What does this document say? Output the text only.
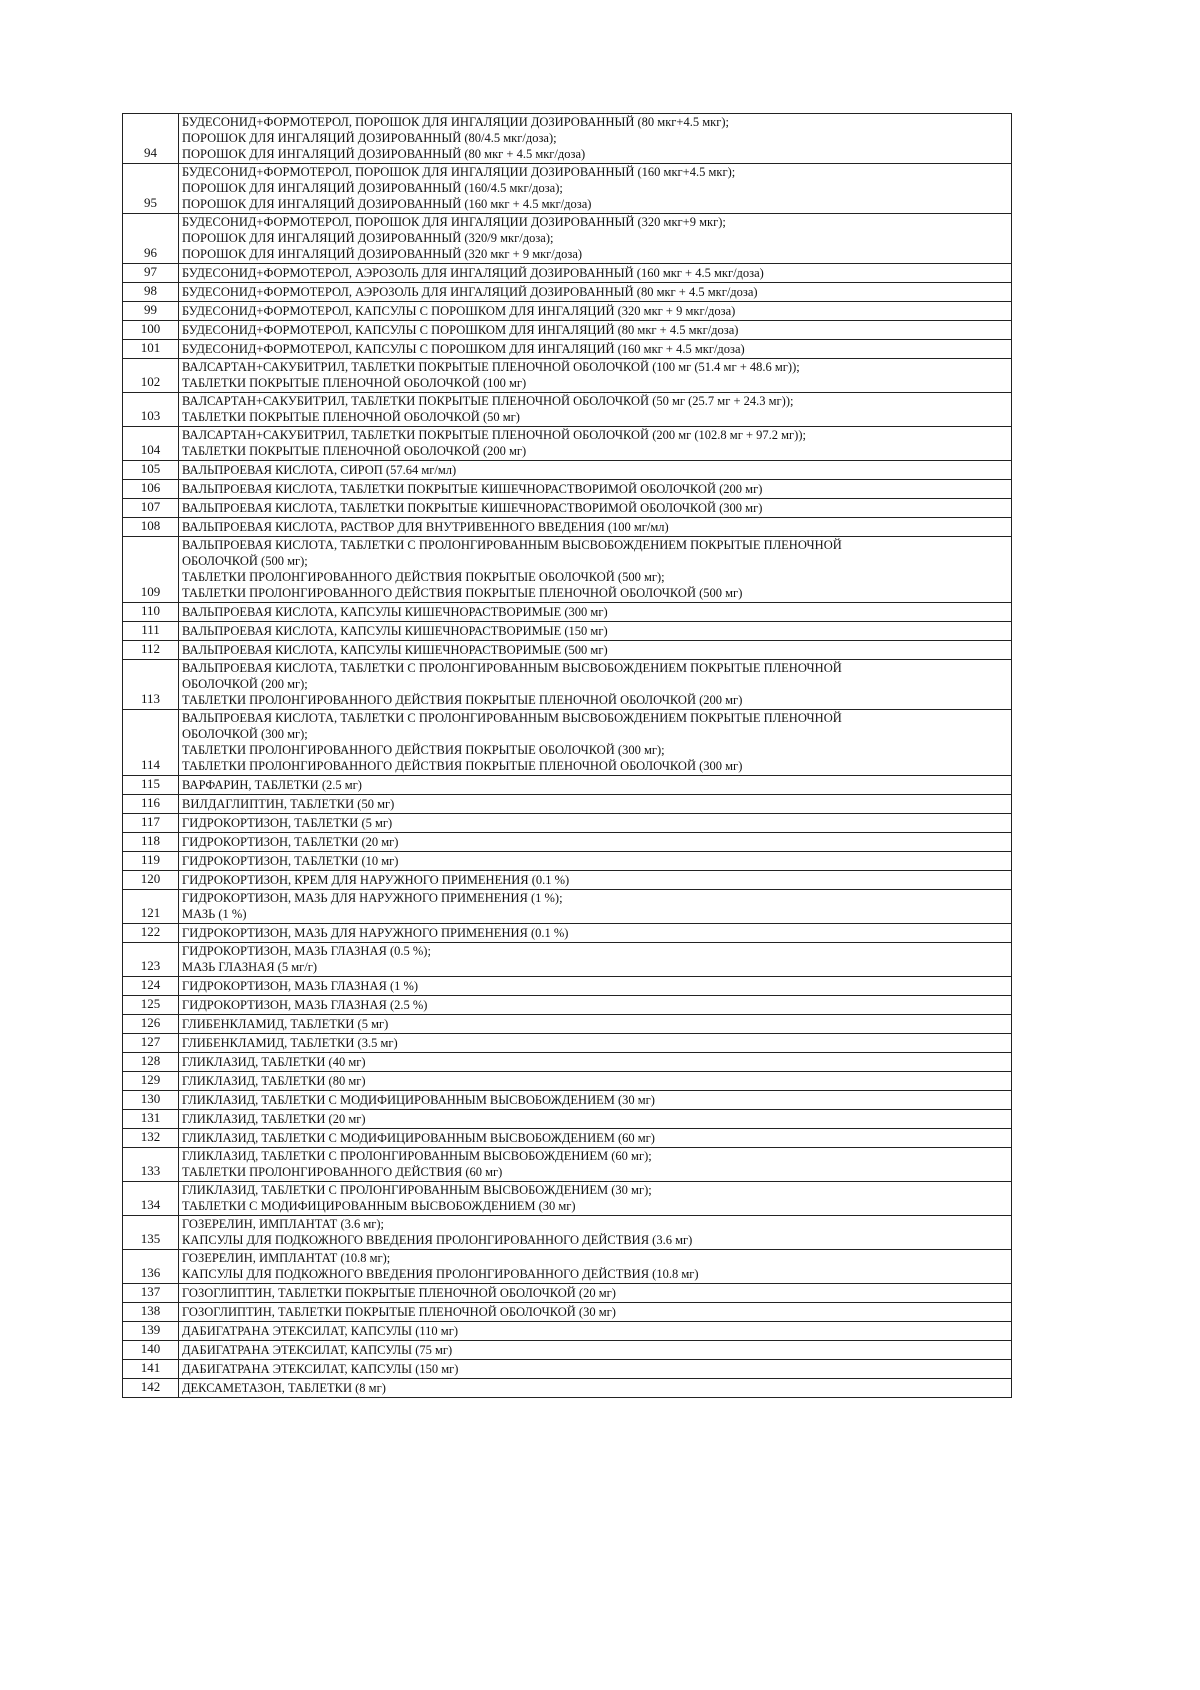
94	БУДЕСОНИД+ФОРМОТЕРОЛ, ПОРОШОК ДЛЯ ИНГАЛЯЦИИ ДОЗИРОВАННЫЙ (80 мкг+4.5 мкг);
ПОРОШОК ДЛЯ ИНГАЛЯЦИЙ ДОЗИРОВАННЫЙ (80/4.5 мкг/доза);
ПОРОШОК ДЛЯ ИНГАЛЯЦИЙ ДОЗИРОВАННЫЙ (80 мкг + 4.5 мкг/доза)

95	БУДЕСОНИД+ФОРМОТЕРОЛ, ПОРОШОК ДЛЯ ИНГАЛЯЦИИ ДОЗИРОВАННЫЙ (160 мкг+4.5 мкг);
ПОРОШОК ДЛЯ ИНГАЛЯЦИЙ ДОЗИРОВАННЫЙ (160/4.5 мкг/доза);
ПОРОШОК ДЛЯ ИНГАЛЯЦИЙ ДОЗИРОВАННЫЙ (160 мкг + 4.5 мкг/доза)

96	БУДЕСОНИД+ФОРМОТЕРОЛ, ПОРОШОК ДЛЯ ИНГАЛЯЦИИ ДОЗИРОВАННЫЙ (320 мкг+9 мкг);
ПОРОШОК ДЛЯ ИНГАЛЯЦИЙ ДОЗИРОВАННЫЙ (320/9 мкг/доза);
ПОРОШОК ДЛЯ ИНГАЛЯЦИЙ ДОЗИРОВАННЫЙ (320 мкг + 9 мкг/доза)

97	БУДЕСОНИД+ФОРМОТЕРОЛ, АЭРОЗОЛЬ ДЛЯ ИНГАЛЯЦИЙ ДОЗИРОВАННЫЙ (160 мкг + 4.5 мкг/доза)

98	БУДЕСОНИД+ФОРМОТЕРОЛ, АЭРОЗОЛЬ ДЛЯ ИНГАЛЯЦИЙ ДОЗИРОВАННЫЙ (80 мкг + 4.5 мкг/доза)

99	БУДЕСОНИД+ФОРМОТЕРОЛ, КАПСУЛЫ С ПОРОШКОМ ДЛЯ ИНГАЛЯЦИЙ (320 мкг + 9 мкг/доза)

100	БУДЕСОНИД+ФОРМОТЕРОЛ, КАПСУЛЫ С ПОРОШКОМ ДЛЯ ИНГАЛЯЦИЙ (80 мкг + 4.5 мкг/доза)

101	БУДЕСОНИД+ФОРМОТЕРОЛ, КАПСУЛЫ С ПОРОШКОМ ДЛЯ ИНГАЛЯЦИЙ (160 мкг + 4.5 мкг/доза)

102	ВАЛСАРТАН+САКУБИТРИЛ, ТАБЛЕТКИ ПОКРЫТЫЕ ПЛЕНОЧНОЙ ОБОЛОЧКОЙ (100 мг (51.4 мг + 48.6 мг));
ТАБЛЕТКИ ПОКРЫТЫЕ ПЛЕНОЧНОЙ ОБОЛОЧКОЙ (100 мг)

103	ВАЛСАРТАН+САКУБИТРИЛ, ТАБЛЕТКИ ПОКРЫТЫЕ ПЛЕНОЧНОЙ ОБОЛОЧКОЙ (50 мг (25.7 мг + 24.3 мг));
ТАБЛЕТКИ ПОКРЫТЫЕ ПЛЕНОЧНОЙ ОБОЛОЧКОЙ (50 мг)

104	ВАЛСАРТАН+САКУБИТРИЛ, ТАБЛЕТКИ ПОКРЫТЫЕ ПЛЕНОЧНОЙ ОБОЛОЧКОЙ (200 мг (102.8 мг + 97.2 мг));
ТАБЛЕТКИ ПОКРЫТЫЕ ПЛЕНОЧНОЙ ОБОЛОЧКОЙ (200 мг)

105	ВАЛЬПРОЕВАЯ КИСЛОТА, СИРОП (57.64 мг/мл)

106	ВАЛЬПРОЕВАЯ КИСЛОТА, ТАБЛЕТКИ ПОКРЫТЫЕ КИШЕЧНОРАСТВОРИМОЙ ОБОЛОЧКОЙ (200 мг)

107	ВАЛЬПРОЕВАЯ КИСЛОТА, ТАБЛЕТКИ ПОКРЫТЫЕ КИШЕЧНОРАСТВОРИМОЙ ОБОЛОЧКОЙ (300 мг)

108	ВАЛЬПРОЕВАЯ КИСЛОТА, РАСТВОР ДЛЯ ВНУТРИВЕННОГО ВВЕДЕНИЯ (100 мг/мл)

109	ВАЛЬПРОЕВАЯ КИСЛОТА, ТАБЛЕТКИ С ПРОЛОНГИРОВАННЫМ ВЫСВОБОЖДЕНИЕМ ПОКРЫТЫЕ ПЛЕНОЧНОЙ
ОБОЛОЧКОЙ (500 мг);
ТАБЛЕТКИ ПРОЛОНГИРОВАННОГО ДЕЙСТВИЯ ПОКРЫТЫЕ ОБОЛОЧКОЙ (500 мг);
ТАБЛЕТКИ ПРОЛОНГИРОВАННОГО ДЕЙСТВИЯ ПОКРЫТЫЕ ПЛЕНОЧНОЙ ОБОЛОЧКОЙ (500 мг)

110	ВАЛЬПРОЕВАЯ КИСЛОТА, КАПСУЛЫ КИШЕЧНОРАСТВОРИМЫЕ (300 мг)

111	ВАЛЬПРОЕВАЯ КИСЛОТА, КАПСУЛЫ КИШЕЧНОРАСТВОРИМЫЕ (150 мг)

112	ВАЛЬПРОЕВАЯ КИСЛОТА, КАПСУЛЫ КИШЕЧНОРАСТВОРИМЫЕ (500 мг)

113	ВАЛЬПРОЕВАЯ КИСЛОТА, ТАБЛЕТКИ С ПРОЛОНГИРОВАННЫМ ВЫСВОБОЖДЕНИЕМ ПОКРЫТЫЕ ПЛЕНОЧНОЙ
ОБОЛОЧКОЙ (200 мг);
ТАБЛЕТКИ ПРОЛОНГИРОВАННОГО ДЕЙСТВИЯ ПОКРЫТЫЕ ПЛЕНОЧНОЙ ОБОЛОЧКОЙ (200 мг)

114	ВАЛЬПРОЕВАЯ КИСЛОТА, ТАБЛЕТКИ С ПРОЛОНГИРОВАННЫМ ВЫСВОБОЖДЕНИЕМ ПОКРЫТЫЕ ПЛЕНОЧНОЙ
ОБОЛОЧКОЙ (300 мг);
ТАБЛЕТКИ ПРОЛОНГИРОВАННОГО ДЕЙСТВИЯ ПОКРЫТЫЕ ОБОЛОЧКОЙ (300 мг);
ТАБЛЕТКИ ПРОЛОНГИРОВАННОГО ДЕЙСТВИЯ ПОКРЫТЫЕ ПЛЕНОЧНОЙ ОБОЛОЧКОЙ (300 мг)

115	ВАРФАРИН, ТАБЛЕТКИ (2.5 мг)

116	ВИЛДАГЛИПТИН, ТАБЛЕТКИ (50 мг)

117	ГИДРОКОРТИЗОН, ТАБЛЕТКИ (5 мг)

118	ГИДРОКОРТИЗОН, ТАБЛЕТКИ (20 мг)

119	ГИДРОКОРТИЗОН, ТАБЛЕТКИ (10 мг)

120	ГИДРОКОРТИЗОН, КРЕМ ДЛЯ НАРУЖНОГО ПРИМЕНЕНИЯ (0.1 %)

121	ГИДРОКОРТИЗОН, МАЗЬ ДЛЯ НАРУЖНОГО ПРИМЕНЕНИЯ (1 %);
МАЗЬ (1 %)

122	ГИДРОКОРТИЗОН, МАЗЬ ДЛЯ НАРУЖНОГО ПРИМЕНЕНИЯ (0.1 %)

123	ГИДРОКОРТИЗОН, МАЗЬ ГЛАЗНАЯ (0.5 %);
МАЗЬ ГЛАЗНАЯ (5 мг/г)

124	ГИДРОКОРТИЗОН, МАЗЬ ГЛАЗНАЯ (1 %)

125	ГИДРОКОРТИЗОН, МАЗЬ ГЛАЗНАЯ (2.5 %)

126	ГЛИБЕНКЛАМИД, ТАБЛЕТКИ (5 мг)

127	ГЛИБЕНКЛАМИД, ТАБЛЕТКИ (3.5 мг)

128	ГЛИКЛАЗИД, ТАБЛЕТКИ (40 мг)

129	ГЛИКЛАЗИД, ТАБЛЕТКИ (80 мг)

130	ГЛИКЛАЗИД, ТАБЛЕТКИ С МОДИФИЦИРОВАННЫМ ВЫСВОБОЖДЕНИЕМ (30 мг)

131	ГЛИКЛАЗИД, ТАБЛЕТКИ (20 мг)

132	ГЛИКЛАЗИД, ТАБЛЕТКИ С МОДИФИЦИРОВАННЫМ ВЫСВОБОЖДЕНИЕМ (60 мг)

133	ГЛИКЛАЗИД, ТАБЛЕТКИ С ПРОЛОНГИРОВАННЫМ ВЫСВОБОЖДЕНИЕМ (60 мг);
ТАБЛЕТКИ ПРОЛОНГИРОВАННОГО ДЕЙСТВИЯ (60 мг)

134	ГЛИКЛАЗИД, ТАБЛЕТКИ С ПРОЛОНГИРОВАННЫМ ВЫСВОБОЖДЕНИЕМ (30 мг);
ТАБЛЕТКИ С МОДИФИЦИРОВАННЫМ ВЫСВОБОЖДЕНИЕМ (30 мг)

135	ГОЗЕРЕЛИН, ИМПЛАНТАТ (3.6 мг);
КАПСУЛЫ ДЛЯ ПОДКОЖНОГО ВВЕДЕНИЯ ПРОЛОНГИРОВАННОГО ДЕЙСТВИЯ (3.6 мг)

136	ГОЗЕРЕЛИН, ИМПЛАНТАТ (10.8 мг);
КАПСУЛЫ ДЛЯ ПОДКОЖНОГО ВВЕДЕНИЯ ПРОЛОНГИРОВАННОГО ДЕЙСТВИЯ (10.8 мг)

137	ГОЗОГЛИПТИН, ТАБЛЕТКИ ПОКРЫТЫЕ ПЛЕНОЧНОЙ ОБОЛОЧКОЙ (20 мг)

138	ГОЗОГЛИПТИН, ТАБЛЕТКИ ПОКРЫТЫЕ ПЛЕНОЧНОЙ ОБОЛОЧКОЙ (30 мг)

139	ДАБИГАТРАНА ЭТЕКСИЛАТ, КАПСУЛЫ (110 мг)

140	ДАБИГАТРАНА ЭТЕКСИЛАТ, КАПСУЛЫ (75 мг)

141	ДАБИГАТРАНА ЭТЕКСИЛАТ, КАПСУЛЫ (150 мг)

142	ДЕКСАМЕТАЗОН, ТАБЛЕТКИ (8 мг)
